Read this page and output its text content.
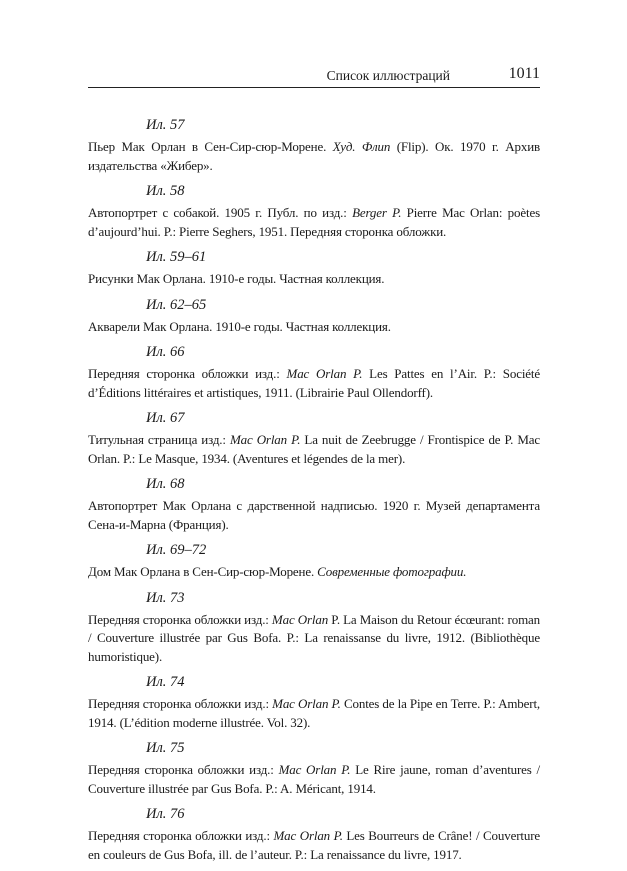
Список иллюстраций	1011
Ил. 57
Пьер Мак Орлан в Сен-Сир-сюр-Морене. Худ. Флип (Flip). Ок. 1970 г. Архив издательства «Жибер».
Ил. 58
Автопортрет с собакой. 1905 г. Публ. по изд.: Berger P. Pierre Mac Orlan: poètes d’aujourd’hui. P.: Pierre Seghers, 1951. Передняя сторонка обложки.
Ил. 59–61
Рисунки Мак Орлана. 1910-е годы. Частная коллекция.
Ил. 62–65
Акварели Мак Орлана. 1910-е годы. Частная коллекция.
Ил. 66
Передняя сторонка обложки изд.: Mac Orlan P. Les Pattes en l’Air. P.: Société d’Éditions littéraires et artistiques, 1911. (Librairie Paul Ollendorff).
Ил. 67
Титульная страница изд.: Mac Orlan P. La nuit de Zeebrugge / Frontispice de P. Mac Orlan. P.: Le Masque, 1934. (Aventures et légendes de la mer).
Ил. 68
Автопортрет Мак Орлана с дарственной надписью. 1920 г. Музей департамента Сена-и-Марна (Франция).
Ил. 69–72
Дом Мак Орлана в Сен-Сир-сюр-Морене. Современные фотографии.
Ил. 73
Передняя сторонка обложки изд.: Mac Orlan P. La Maison du Retour écœurant: roman / Couverture illustrée par Gus Bofa. P.: La renaissanse du livre, 1912. (Bibliothèque humoristique).
Ил. 74
Передняя сторонка обложки изд.: Mac Orlan P. Contes de la Pipe en Terre. P.: Ambert, 1914. (L’édition moderne illustrée. Vol. 32).
Ил. 75
Передняя сторонка обложки изд.: Mac Orlan P. Le Rire jaune, roman d’aventures / Couverture illustrée par Gus Bofa. P.: A. Méricant, 1914.
Ил. 76
Передняя сторонка обложки изд.: Mac Orlan P. Les Bourreurs de Crâne! / Couverture en couleurs de Gus Bofa, ill. de l’auteur. P.: La renaissance du livre, 1917.
